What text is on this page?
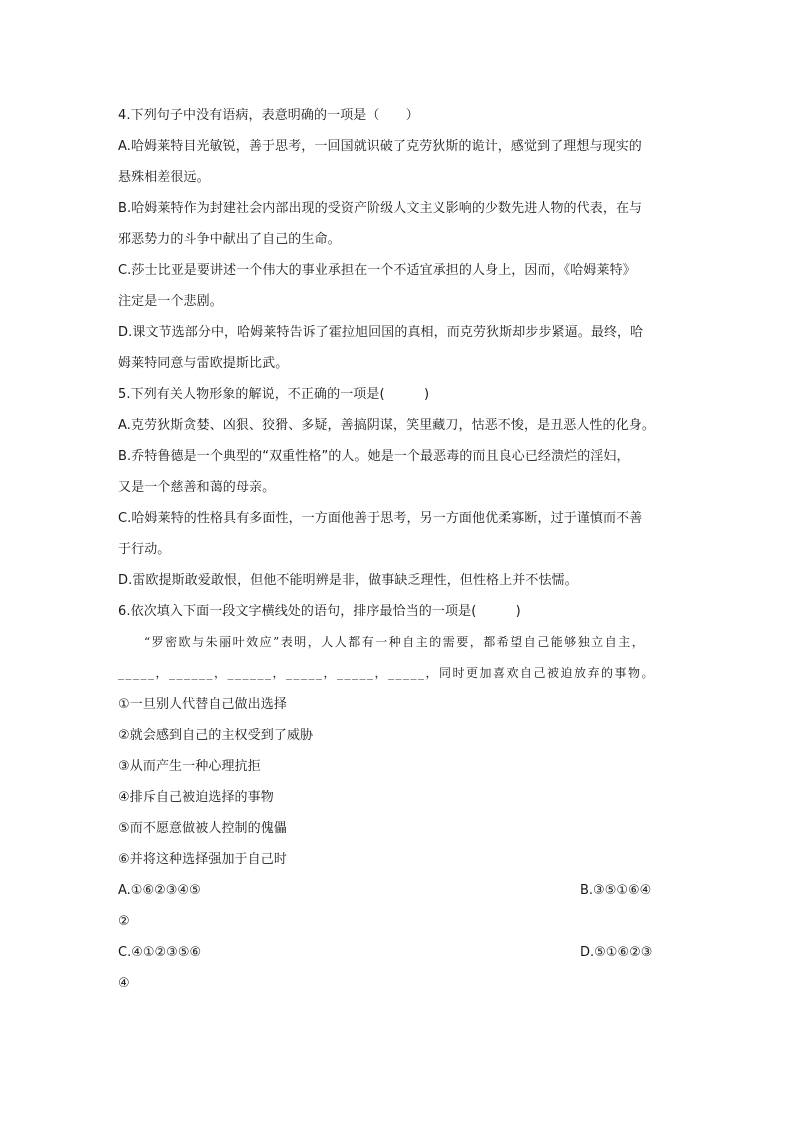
4.下列句子中没有语病，表意明确的一项是（　　）
A.哈姆莱特目光敏锐，善于思考，一回国就识破了克劳狄斯的诡计，感觉到了理想与现实的
悬殊相差很远。
B.哈姆莱特作为封建社会内部出现的受资产阶级人文主义影响的少数先进人物的代表，在与
邪恶势力的斗争中献出了自己的生命。
C.莎士比亚是要讲述一个伟大的事业承担在一个不适宜承担的人身上，因而，《哈姆莱特》
注定是一个悲剧。
D.课文节选部分中，哈姆莱特告诉了霍拉旭回国的真相，而克劳狄斯却步步紧逼。最终，哈
姆莱特同意与雷欧提斯比武。
5.下列有关人物形象的解说，不正确的一项是(　　　)
A.克劳狄斯贪婪、凶狠、狡猾、多疑，善搞阴谋，笑里藏刀，怙恶不悛，是丑恶人性的化身。
B.乔特鲁德是一个典型的“双重性格”的人。她是一个最恶毒的而且良心已经溃烂的淫妇，
又是一个慈善和蔼的母亲。
C.哈姆莱特的性格具有多面性，一方面他善于思考，另一方面他优柔寡断，过于谨慎而不善
于行动。
D.雷欧提斯敢爱敢恨，但他不能明辨是非，做事缺乏理性，但性格上并不怯懦。
6.依次填入下面一段文字横线处的语句，排序最恰当的一项是(　　　)
“罗密欧与朱丽叶效应”表明，人人都有一种自主的需要，都希望自己能够独立自主，
_____，______，______，_____，_____，_____，同时更加喜欢自己被迫放弃的事物。
①一旦别人代替自己做出选择
②就会感到自己的主权受到了威胁
③从而产生一种心理抗拒
④排斥自己被迫选择的事物
⑤而不愿意做被人控制的傀儡
⑥并将这种选择强加于自己时
A.①⑥②③④⑤	B.③⑤①⑥④
②
C.④①②③⑤⑥	D.⑤①⑥②③
④
